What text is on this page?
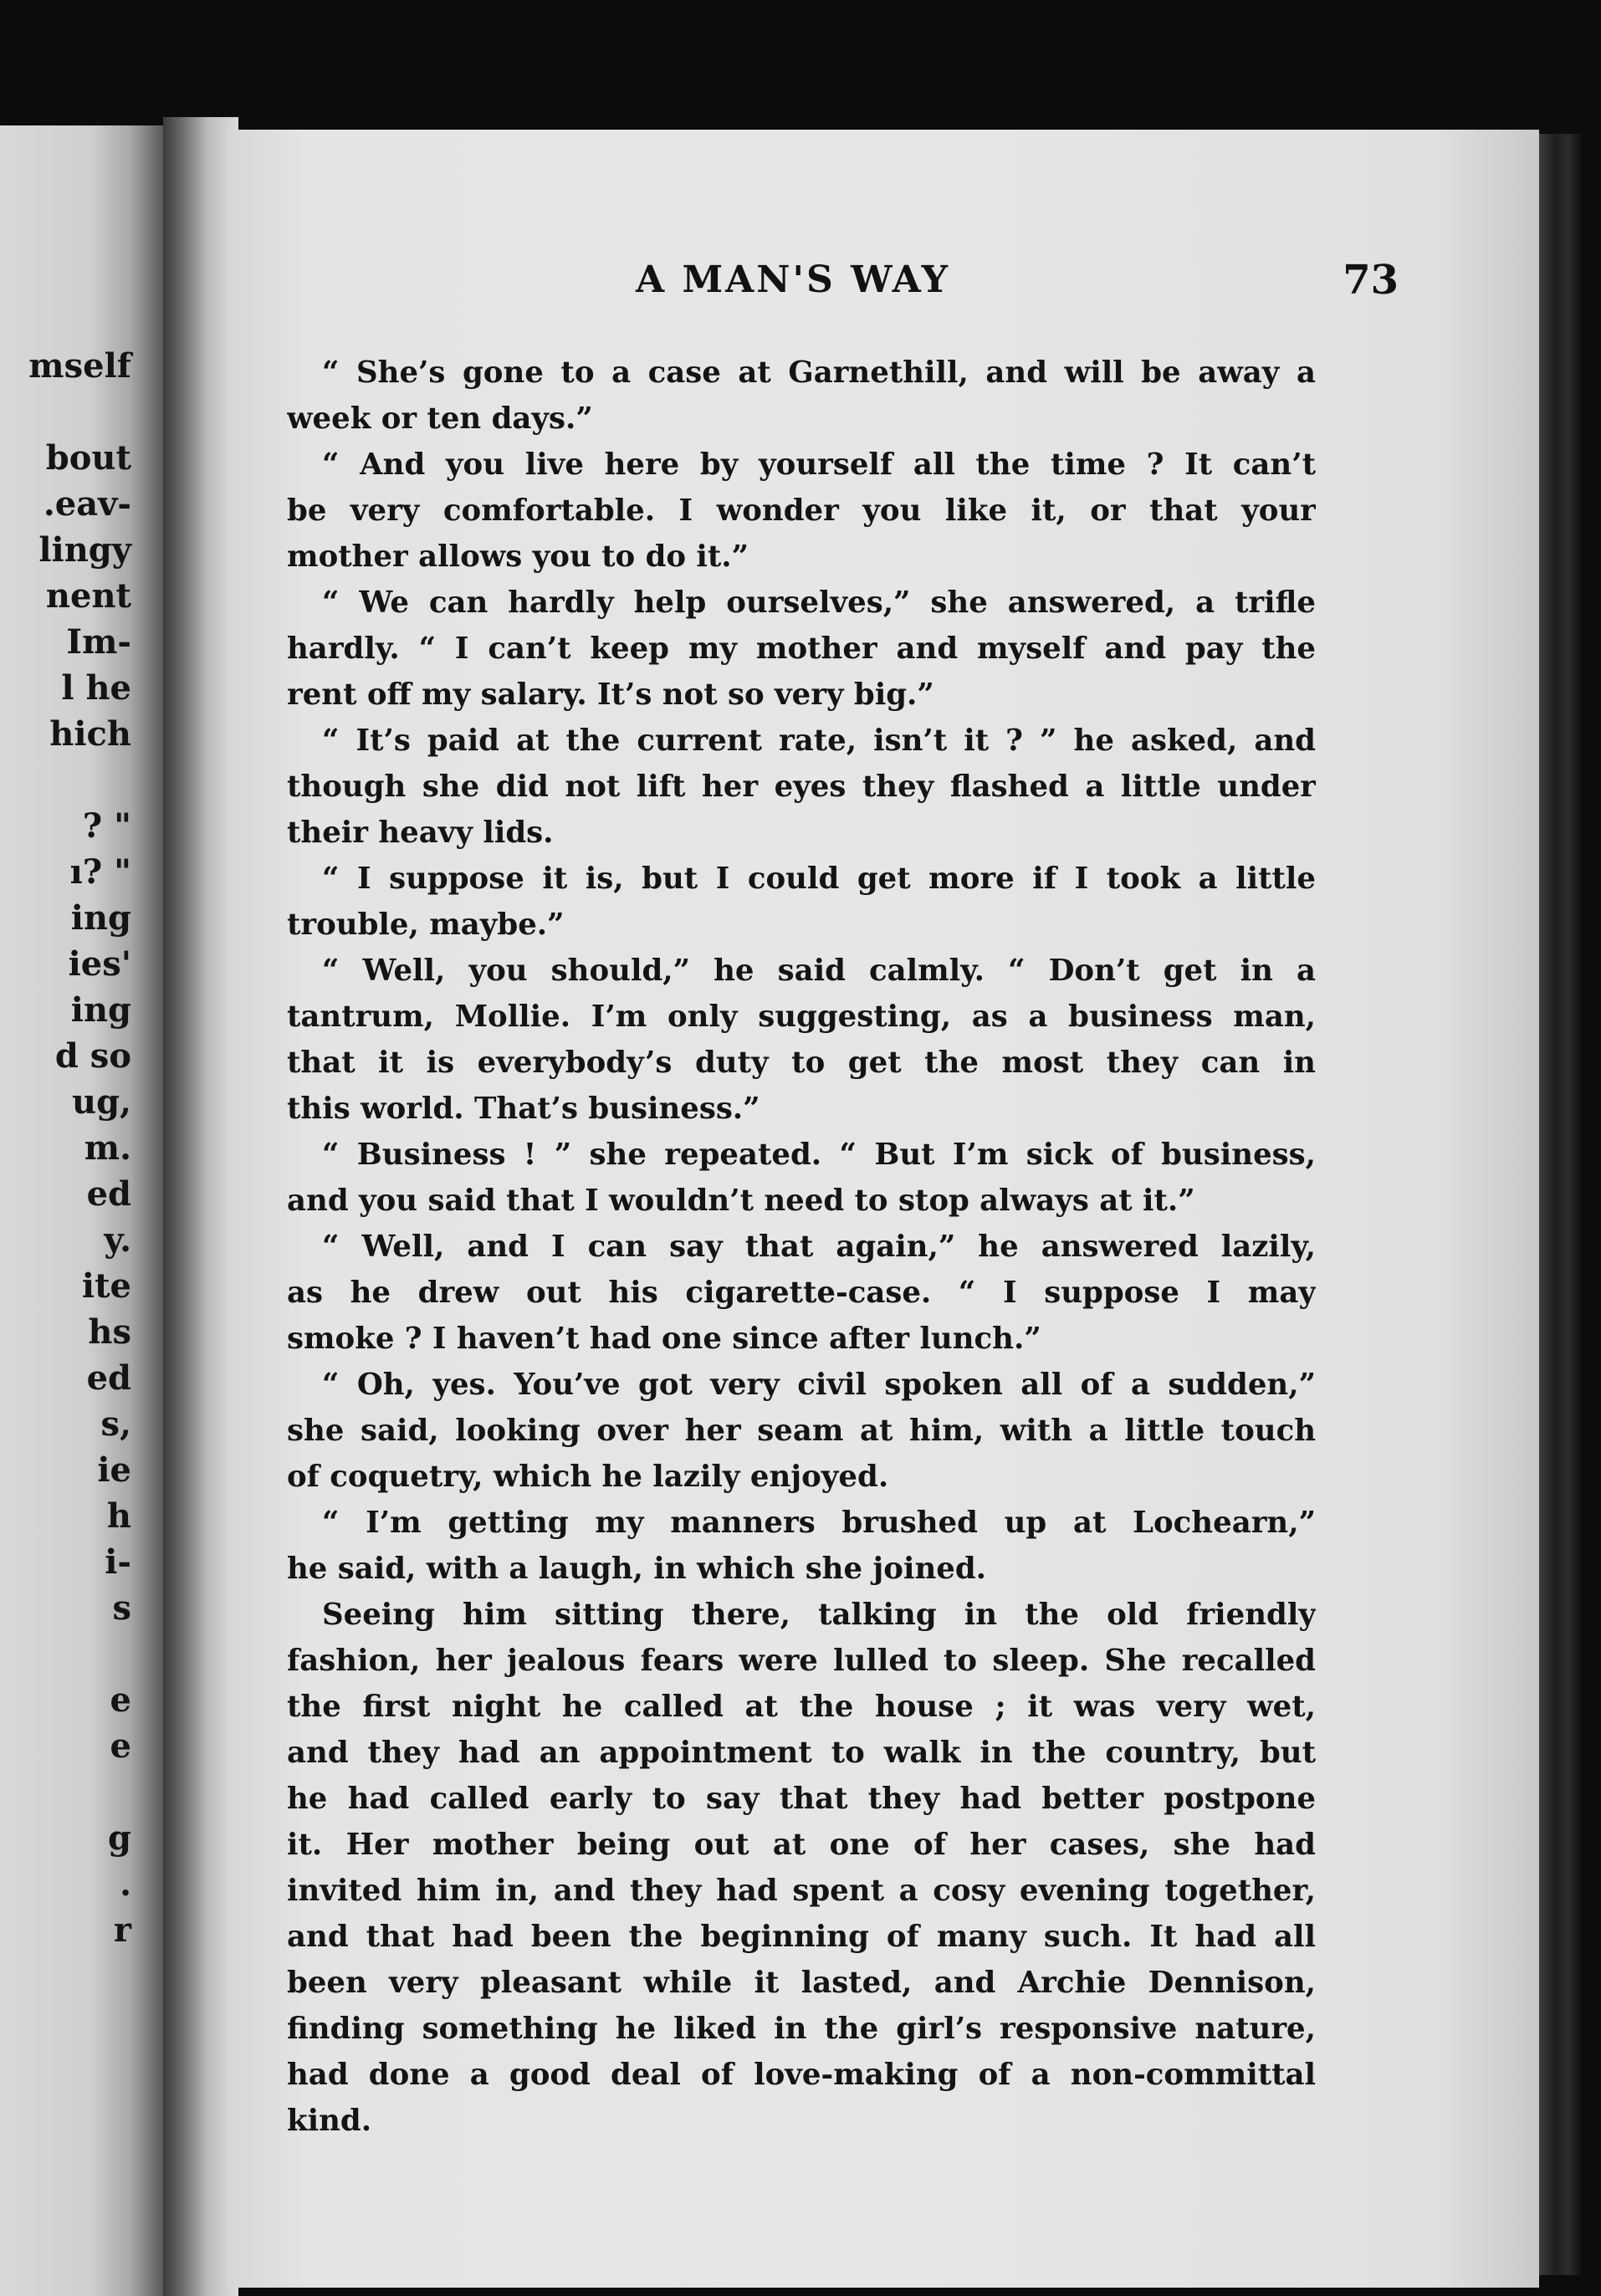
mself
bout
.eav-
lingy
nent
Im-
l he
hich
? "
ı? "
ing
ies'
ing
d so
ug,
m.
ed
y.
ite
hs
ed
s,
ie
h
i-
s
e
e
g
.
r
A MAN'S WAY	73
“ She’s gone to a case at Garnethill, and will be away a
week or ten days.”
“ And you live here by yourself all the time ? It can’t
be very comfortable. I wonder you like it, or that your
mother allows you to do it.”
“ We can hardly help ourselves,” she answered, a trifle
hardly. “ I can’t keep my mother and myself and pay the
rent off my salary. It’s not so very big.”
“ It’s paid at the current rate, isn’t it ? ” he asked, and
though she did not lift her eyes they flashed a little under
their heavy lids.
“ I suppose it is, but I could get more if I took a little
trouble, maybe.”
“ Well, you should,” he said calmly. “ Don’t get in a
tantrum, Mollie. I’m only suggesting, as a business man,
that it is everybody’s duty to get the most they can in
this world. That’s business.”
“ Business ! ” she repeated. “ But I’m sick of business,
and you said that I wouldn’t need to stop always at it.”
“ Well, and I can say that again,” he answered lazily,
as he drew out his cigarette-case. “ I suppose I may
smoke ? I haven’t had one since after lunch.”
“ Oh, yes. You’ve got very civil spoken all of a sudden,”
she said, looking over her seam at him, with a little touch
of coquetry, which he lazily enjoyed.
“ I’m getting my manners brushed up at Lochearn,”
he said, with a laugh, in which she joined.
Seeing him sitting there, talking in the old friendly
fashion, her jealous fears were lulled to sleep. She recalled
the first night he called at the house ; it was very wet,
and they had an appointment to walk in the country, but
he had called early to say that they had better postpone
it. Her mother being out at one of her cases, she had
invited him in, and they had spent a cosy evening together,
and that had been the beginning of many such. It had all
been very pleasant while it lasted, and Archie Dennison,
finding something he liked in the girl’s responsive nature,
had done a good deal of love-making of a non-committal
kind.
